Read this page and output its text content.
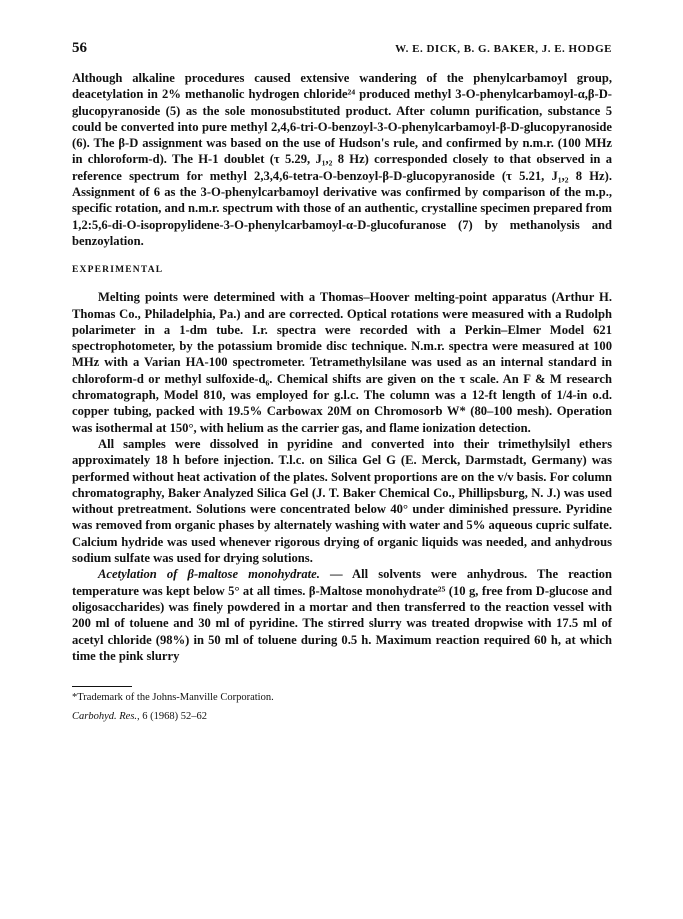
56	W. E. DICK, B. G. BAKER, J. E. HODGE

Although alkaline procedures caused extensive wandering of the phenylcarbamoyl group, deacetylation in 2% methanolic hydrogen chloride²⁴ produced methyl 3-O-phenylcarbamoyl-α,β-D-glucopyranoside (5) as the sole monosubstituted product. After column purification, substance 5 could be converted into pure methyl 2,4,6-tri-O-benzoyl-3-O-phenylcarbamoyl-β-D-glucopyranoside (6). The β-D assignment was based on the use of Hudson's rule, and confirmed by n.m.r. (100 MHz in chloroform-d). The H-1 doublet (τ 5.29, J₁,₂ 8 Hz) corresponded closely to that observed in a reference spectrum for methyl 2,3,4,6-tetra-O-benzoyl-β-D-glucopyranoside (τ 5.21, J₁,₂ 8 Hz). Assignment of 6 as the 3-O-phenylcarbamoyl derivative was confirmed by comparison of the m.p., specific rotation, and n.m.r. spectrum with those of an authentic, crystalline specimen prepared from 1,2:5,6-di-O-isopropylidene-3-O-phenylcarbamoyl-α-D-glucofuranose (7) by methanolysis and benzoylation.

EXPERIMENTAL

Melting points were determined with a Thomas–Hoover melting-point apparatus (Arthur H. Thomas Co., Philadelphia, Pa.) and are corrected. Optical rotations were measured with a Rudolph polarimeter in a 1-dm tube. I.r. spectra were recorded with a Perkin–Elmer Model 621 spectrophotometer, by the potassium bromide disc technique. N.m.r. spectra were measured at 100 MHz with a Varian HA-100 spectrometer. Tetramethylsilane was used as an internal standard in chloroform-d or methyl sulfoxide-d₆. Chemical shifts are given on the τ scale. An F & M research chromatograph, Model 810, was employed for g.l.c. The column was a 12-ft length of 1/4-in o.d. copper tubing, packed with 19.5% Carbowax 20M on Chromosorb W* (80–100 mesh). Operation was isothermal at 150°, with helium as the carrier gas, and flame ionization detection.

All samples were dissolved in pyridine and converted into their trimethylsilyl ethers approximately 18 h before injection. T.l.c. on Silica Gel G (E. Merck, Darmstadt, Germany) was performed without heat activation of the plates. Solvent proportions are on the v/v basis. For column chromatography, Baker Analyzed Silica Gel (J. T. Baker Chemical Co., Phillipsburg, N. J.) was used without pretreatment. Solutions were concentrated below 40° under diminished pressure. Pyridine was removed from organic phases by alternately washing with water and 5% aqueous cupric sulfate. Calcium hydride was used whenever rigorous drying of organic liquids was needed, and anhydrous sodium sulfate was used for drying solutions.

Acetylation of β-maltose monohydrate. — All solvents were anhydrous. The reaction temperature was kept below 5° at all times. β-Maltose monohydrate²⁵ (10 g, free from D-glucose and oligosaccharides) was finely powdered in a mortar and then transferred to the reaction vessel with 200 ml of toluene and 30 ml of pyridine. The stirred slurry was treated dropwise with 17.5 ml of acetyl chloride (98%) in 50 ml of toluene during 0.5 h. Maximum reaction required 60 h, at which time the pink slurry

*Trademark of the Johns-Manville Corporation.
Carbohyd. Res., 6 (1968) 52–62
